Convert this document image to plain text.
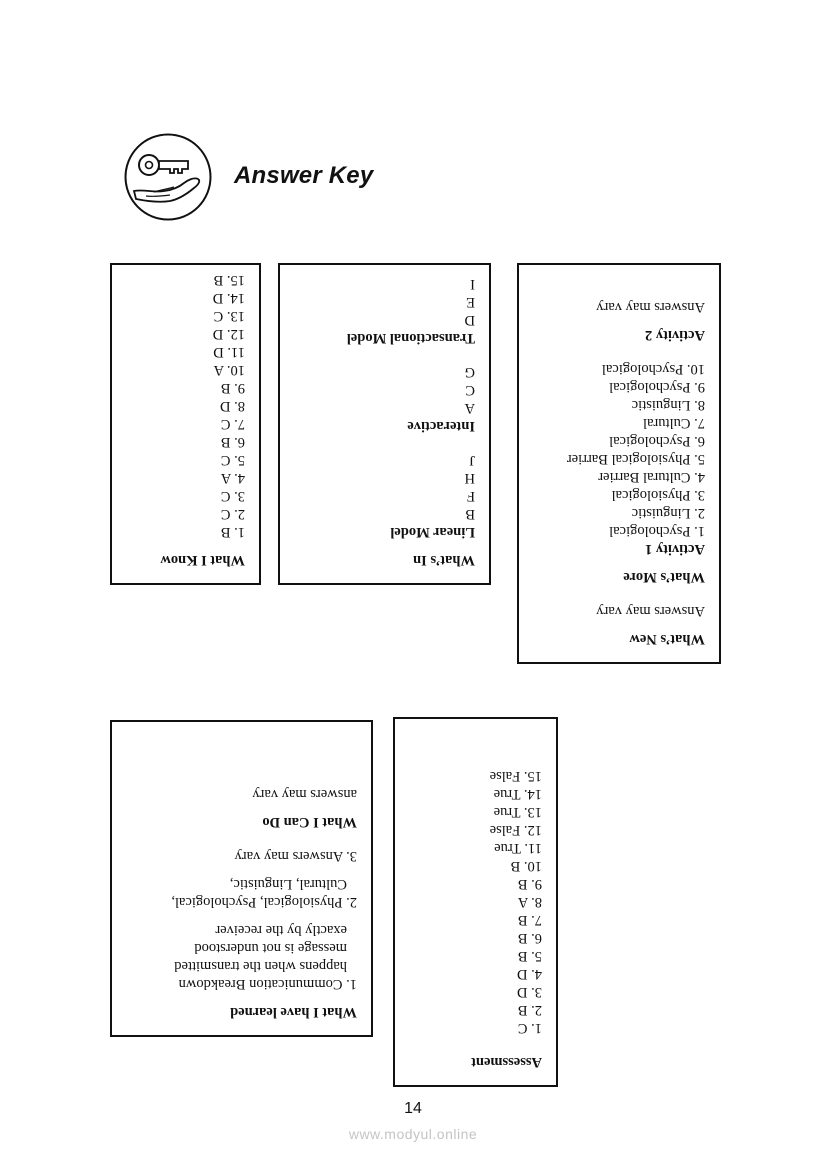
Answer Key
What I Know
1. B
2. C
3. C
4. A
5. C
6. B
7. C
8. D
9. B
10. A
11. D
12. D
13. C
14. D
15. B
What’s In
Linear Model
B
F
H
J
Interactive
A
C
G
Transactional Model
D
E
I
What’s New
Answers may vary
What’s More
Activity 1
1. Psychological
2. Linguistic
3. Physiological
4. Cultural Barrier
5. Physiological Barrier
6. Psychological
7. Cultural
8. Linguistic
9. Psychological
10. Psychological
Activity 2
Answers may vary
What I have learned
1. Communication Breakdown
happens when the transmitted
message is not understood
exactly by the receiver
2. Physiological, Psychological,
Cultural, Linguistic,
3. Answers may vary
What I Can Do
answers may vary
Assessment
1. C
2. B
3. D
4. D
5. B
6. B
7. B
8. A
9. B
10. B
11. True
12. False
13. True
14. True
15. False
14
www.modyul.online
